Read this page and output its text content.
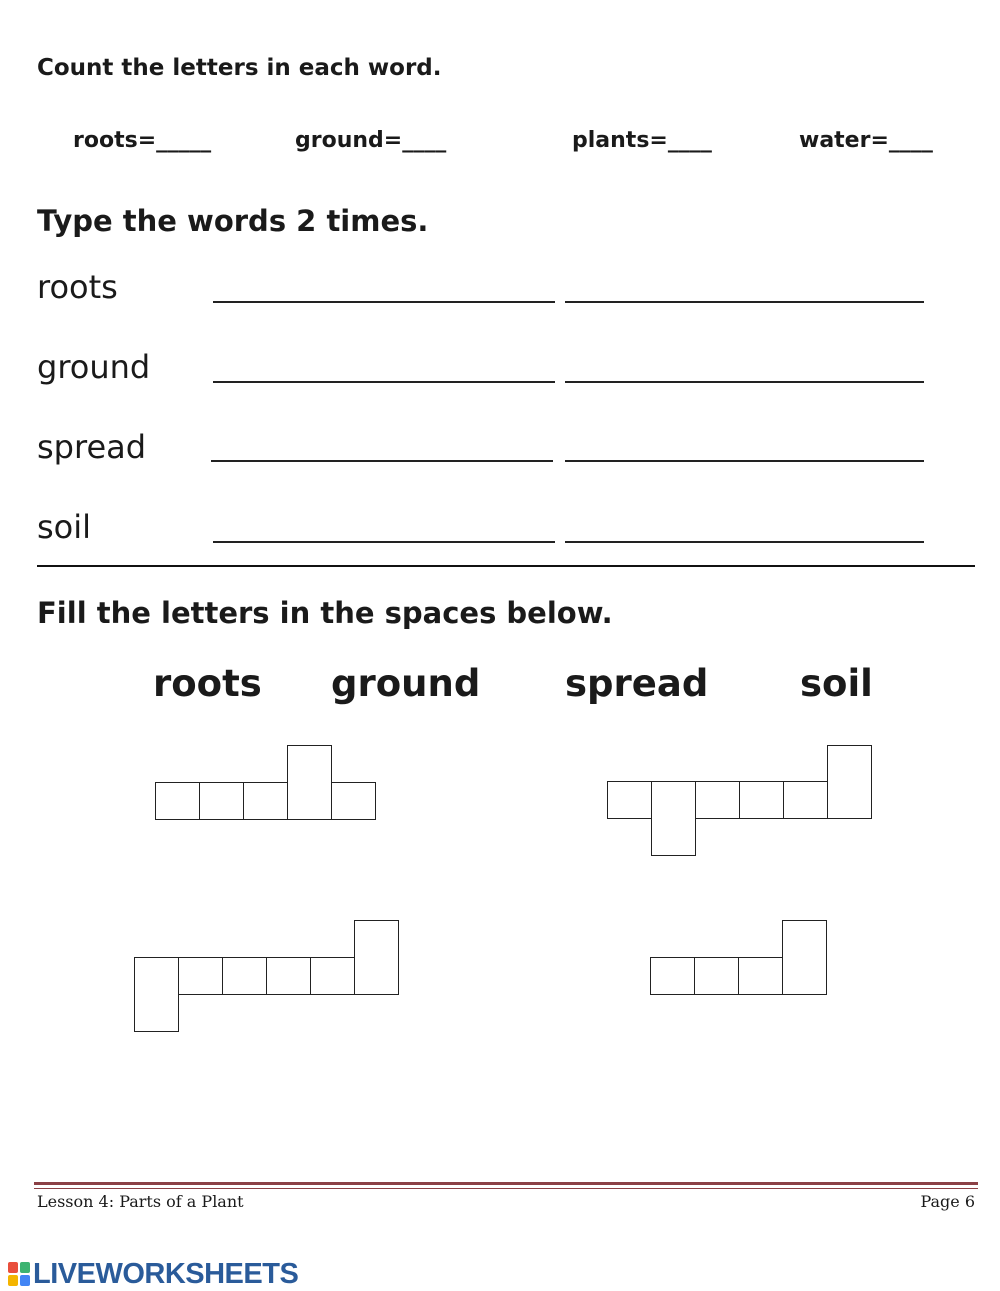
Count the letters in each word.
roots=_____	ground=____	plants=____	water=____
Type the words 2 times.
roots
ground
spread
soil
Fill the letters in the spaces below.
roots ground spread soil
Lesson 4: Parts of a Plant	Page 6
LIVEWORKSHEETS
